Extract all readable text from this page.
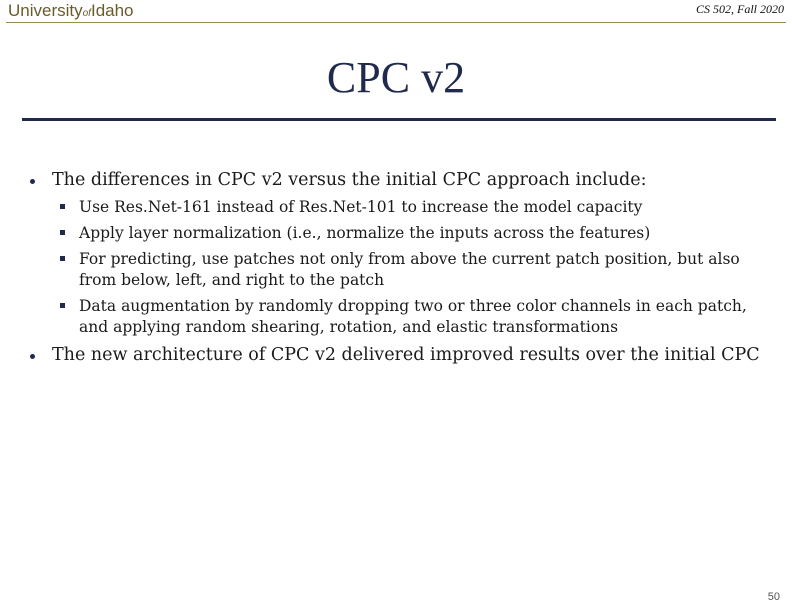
UniversityofIdaho	CS 502, Fall 2020
CPC v2
The differences in CPC v2 versus the initial CPC approach include:
Use Res.Net-161 instead of Res.Net-101 to increase the model capacity
Apply layer normalization (i.e., normalize the inputs across the features)
For predicting, use patches not only from above the current patch position, but also from below, left, and right to the patch
Data augmentation by randomly dropping two or three color channels in each patch, and applying random shearing, rotation, and elastic transformations
The new architecture of CPC v2 delivered improved results over the initial CPC
50
